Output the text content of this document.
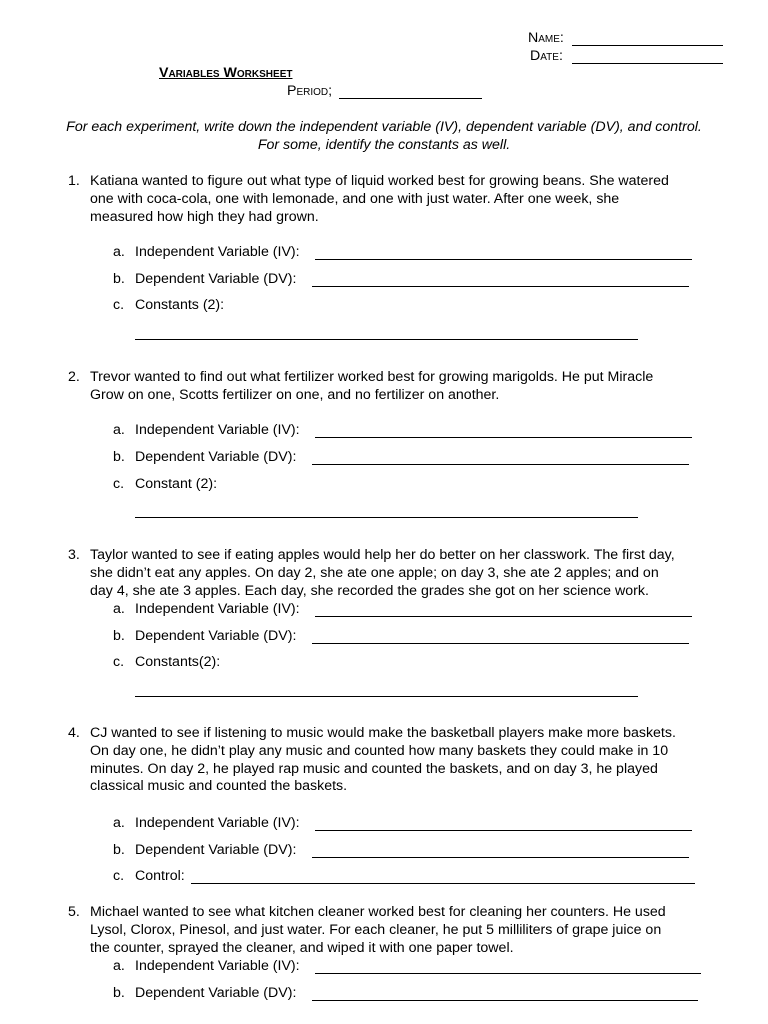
Name:
Date:
Variables Worksheet
Period;
For each experiment, write down the independent variable (IV), dependent variable (DV), and control.
For some, identify the constants as well.
1. Katiana wanted to figure out what type of liquid worked best for growing beans. She watered
one with coca-cola, one with lemonade, and one with just water. After one week, she
measured how high they had grown.
a. Independent Variable (IV):
b. Dependent Variable (DV):
c. Constants (2):
2. Trevor wanted to find out what fertilizer worked best for growing marigolds. He put Miracle
Grow on one, Scotts fertilizer on one, and no fertilizer on another.
a. Independent Variable (IV):
b. Dependent Variable (DV):
c. Constant (2):
3. Taylor wanted to see if eating apples would help her do better on her classwork. The first day,
she didn’t eat any apples. On day 2, she ate one apple; on day 3, she ate 2 apples; and on
day 4, she ate 3 apples. Each day, she recorded the grades she got on her science work.
a. Independent Variable (IV):
b. Dependent Variable (DV):
c. Constants(2):
4. CJ wanted to see if listening to music would make the basketball players make more baskets.
On day one, he didn’t play any music and counted how many baskets they could make in 10
minutes. On day 2, he played rap music and counted the baskets, and on day 3, he played
classical music and counted the baskets.
a. Independent Variable (IV):
b. Dependent Variable (DV):
c. Control:
5. Michael wanted to see what kitchen cleaner worked best for cleaning her counters. He used
Lysol, Clorox, Pinesol, and just water. For each cleaner, he put 5 milliliters of grape juice on
the counter, sprayed the cleaner, and wiped it with one paper towel.
a. Independent Variable (IV):
b. Dependent Variable (DV):
